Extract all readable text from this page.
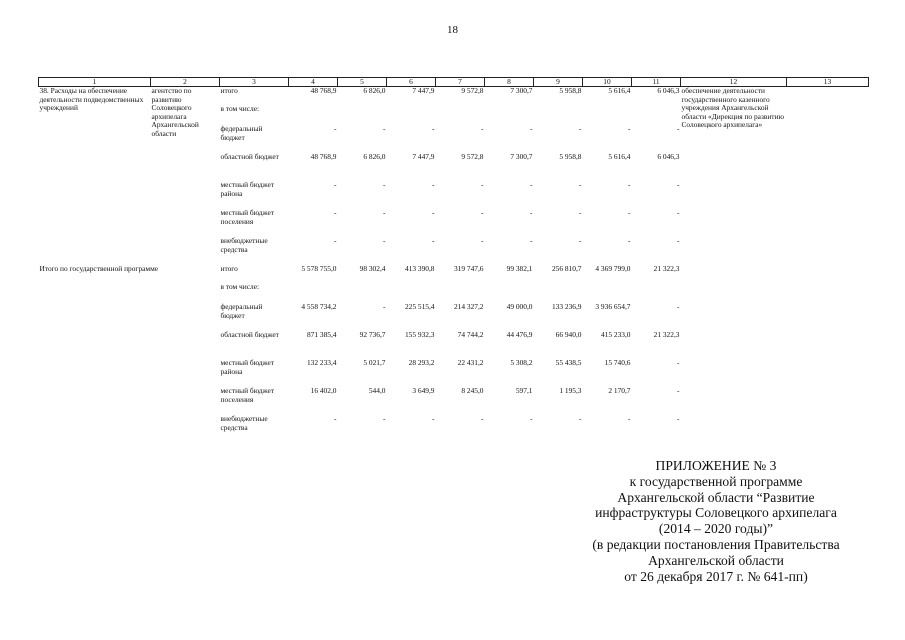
18
1	2	3	4	5	6	7	8	9	10	11	12	13
38. Расходы на обеспечение деятельности подведомственных учреждений	агентство по развитию Соловецкого архипелага Архангельской области	итого	48 768,9	6 826,0	7 447,9	9 572,8	7 300,7	5 958,8	5 616,4	6 046,3	обеспечение деятельности государственного казенного учреждения Архангельской области «Дирекция по развитию Соловецкого архипелага»	
		в том числе:										
		федеральный бюджет	-	-	-	-	-	-	-	-		
		областной бюджет	48 768,9	6 826,0	7 447,9	9 572,8	7 300,7	5 958,8	5 616,4	6 046,3		
		местный бюджет района	-	-	-	-	-	-	-	-		
		местный бюджет поселения	-	-	-	-	-	-	-	-		
		внебюджетные средства	-	-	-	-	-	-	-	-		
Итого по государственной программе		итого	5 578 755,0	98 302,4	413 390,8	319 747,6	99 382,1	256 810,7	4 369 799,0	21 322,3		
		в том числе:										
		федеральный бюджет	4 558 734,2	-	225 515,4	214 327,2	49 000,0	133 236,9	3 936 654,7	-		
		областной бюджет	871 385,4	92 736,7	155 932,3	74 744,2	44 476,9	66 940,0	415 233,0	21 322,3		
		местный бюджет района	132 233,4	5 021,7	28 293,2	22 431,2	5 308,2	55 438,5	15 740,6	-		
		местный бюджет поселения	16 402,0	544,0	3 649,9	8 245,0	597,1	1 195,3	2 170,7	-		
		внебюджетные средства	-	-	-	-	-	-	-	-		
ПРИЛОЖЕНИЕ № 3
к государственной программе
Архангельской области “Развитие
инфраструктуры Соловецкого архипелага
(2014 – 2020 годы)”
(в редакции постановления Правительства
Архангельской области
от 26 декабря 2017 г. № 641-пп)
